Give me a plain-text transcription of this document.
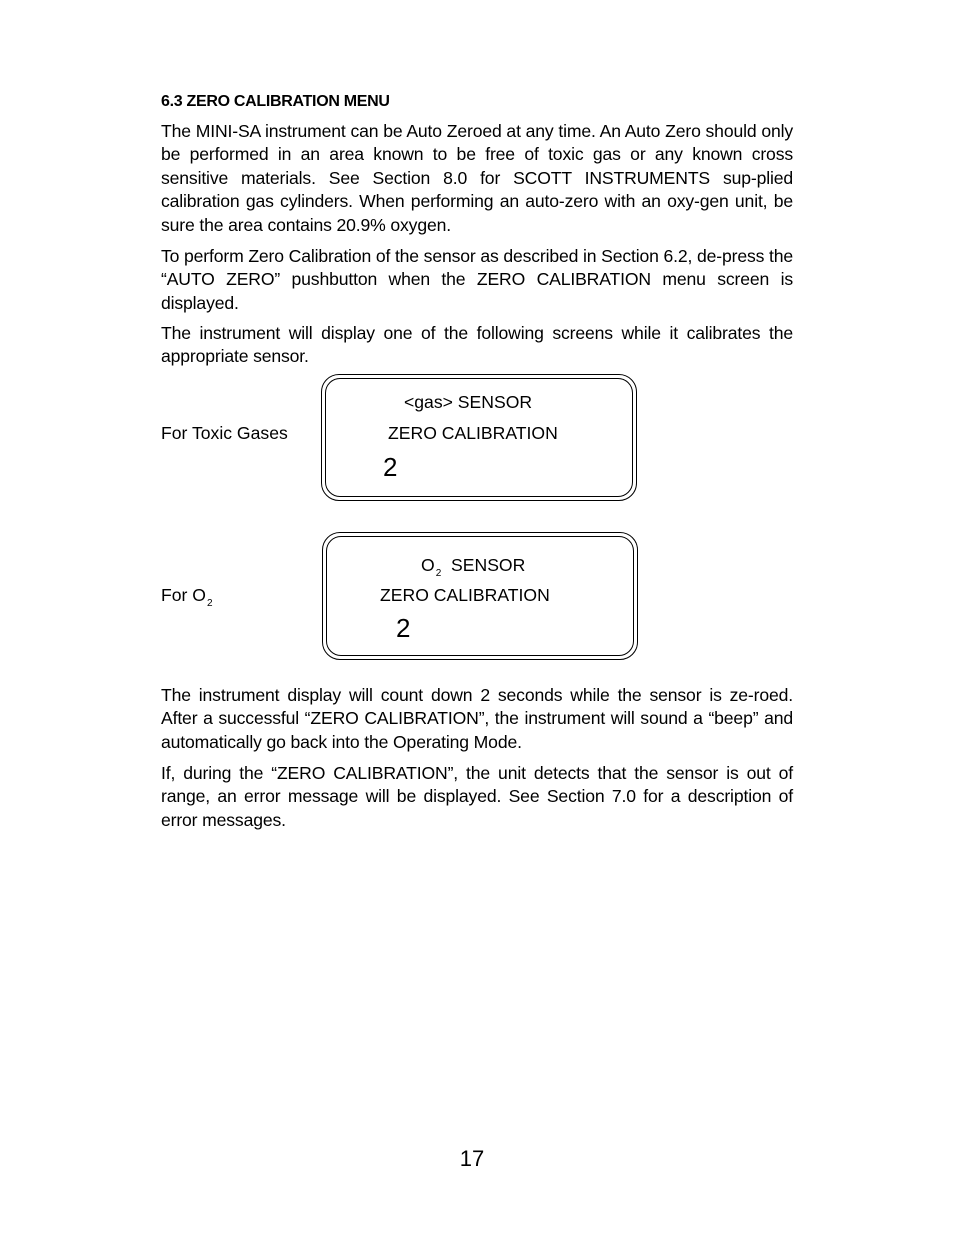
6.3 ZERO CALIBRATION MENU
The MINI-SA instrument can be Auto Zeroed at any time. An Auto Zero should only be performed in an area known to be free of toxic gas or any known cross sensitive materials. See Section 8.0 for SCOTT INSTRUMENTS sup-plied calibration gas cylinders. When performing an auto-zero with an oxy-gen unit, be sure the area contains 20.9% oxygen.
To perform Zero Calibration of the sensor as described in Section 6.2, de-press the “AUTO ZERO” pushbutton when the ZERO CALIBRATION menu screen is displayed.
The instrument will display one of the following screens while it calibrates the appropriate sensor.
For Toxic Gases
<gas> SENSOR
ZERO CALIBRATION
2
For $O_2$
$O_2$  SENSOR
ZERO CALIBRATION
2
The instrument display will count down 2 seconds while the sensor is ze-roed. After a successful “ZERO CALIBRATION”, the instrument will sound a “beep” and automatically go back into the Operating Mode.
If, during the “ZERO CALIBRATION”, the unit detects that the sensor is out of range, an error message will be displayed. See Section 7.0 for a description of error messages.
17
